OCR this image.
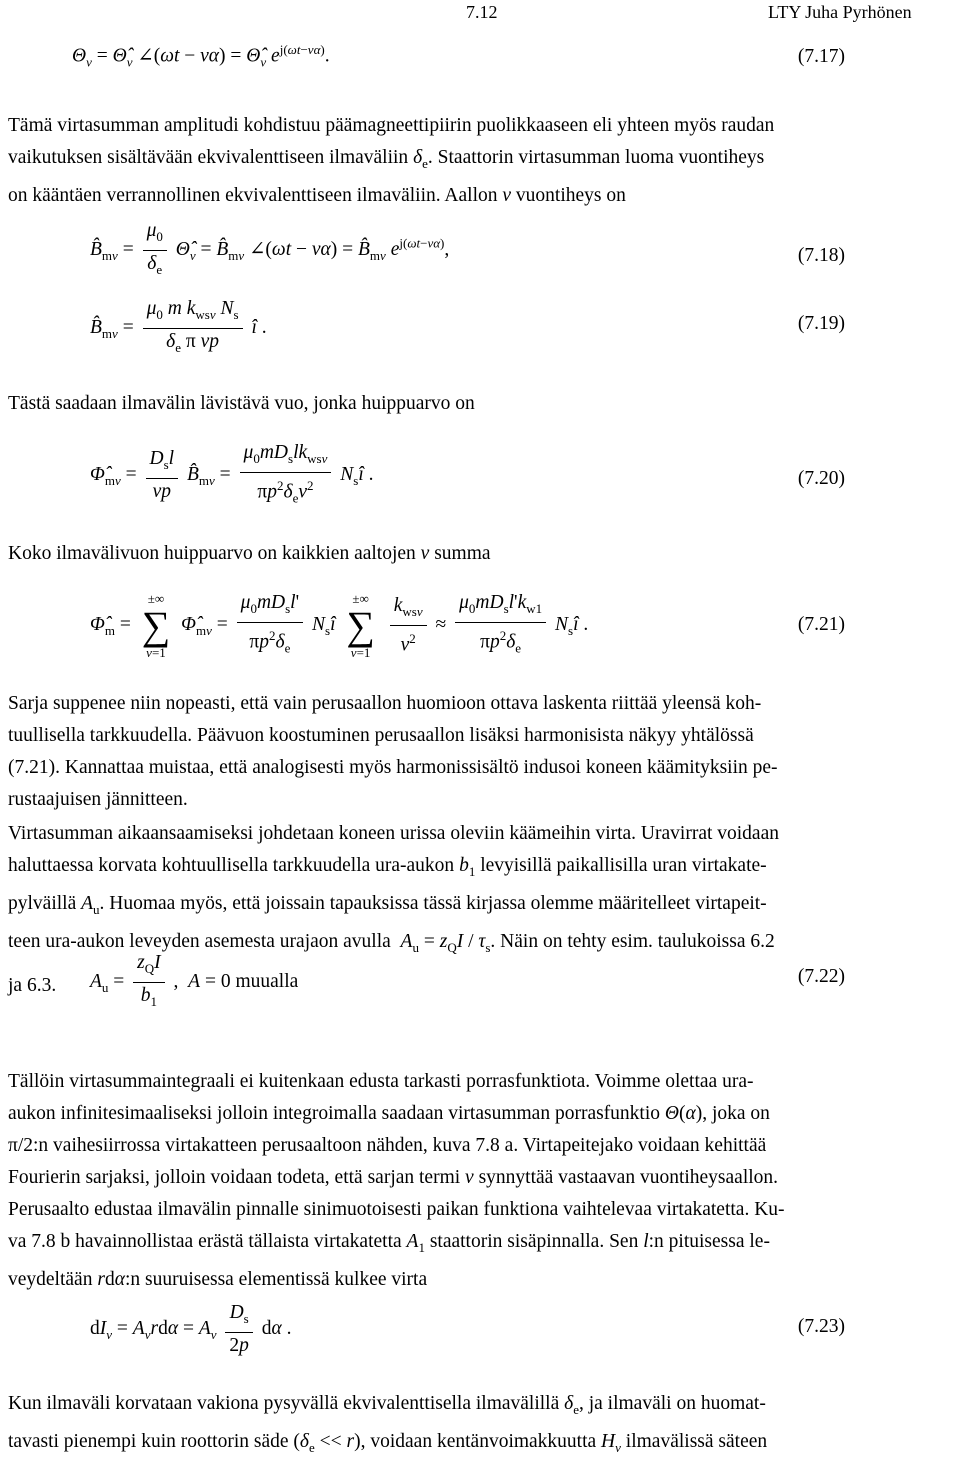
7.12	LTY Juha Pyrhönen
$\Theta_\nu$ = $\Thetâ_\nu$ ∠(ωt − $\nu\alpha) = \Thetâ_\nu$ $e^{j(\omega t-\nu\alpha)}$.	(7.17)
Tämä virtasumman amplitudi kohdistuu päämagneettipiirin puolikkaaseen eli yhteen myös raudan
vaikutuksen sisältävään ekvivalenttiseen ilmaväliin $\delta_e$. Staattorin virtasumman luoma vuontiheys
on kääntäen verrannollinen ekvivalenttiseen ilmaväliin. Aallon ν vuontiheys on
$B̂_{m\nu} = \frac{\mu_0}{\delta_e}$ $\Thetâ_\nu$ = $B̂_{m\nu}$ ∠(ωt − $\nu\alpha) = B̂_{m\nu}$ $e^{j(\omega t-\nu\alpha)}$,	(7.18)
$B̂_{m\nu} = \frac{\mu_0 m k_{ws\nu} N_s}{\delta_e \pi \nu p}$ î .	(7.19)
Tästä saadaan ilmavälin lävistävä vuo, jonka huippuarvo on
$\Phî_{m\nu} = \frac{D_sl}{\nu p}$ $B̂_{m\nu} = \frac{\mu_0mD_slk_{ws\nu}}{\pi p^2\delta_e\nu^2}$ $N_sî$ .	(7.20)
Koko ilmavälivuon huippuarvo on kaikkien aaltojen ν summa
$\Phî_m$ =
±∞
∑
ν=1
$\Phî_{m\nu} = \frac{\mu_0mD_sl'}{\pi p^2\delta_e}$ $N_sî$
±∞
∑
ν=1
$\frac{k_{ws\nu}}{\nu^2} \approx \frac{\mu_0mD_sl'k_{w1}}{\pi p^2\delta_e}$ $N_sî$ .	(7.21)
Sarja suppenee niin nopeasti, että vain perusaallon huomioon ottava laskenta riittää yleensä koh-
tuullisella tarkkuudella. Päävuon koostuminen perusaallon lisäksi harmonisista näkyy yhtälössä
(7.21). Kannattaa muistaa, että analogisesti myös harmonissisältö indusoi koneen käämityksiin pe-
rustaajuisen jännitteen.
Virtasumman aikaansaamiseksi johdetaan koneen urissa oleviin käämeihin virta. Uravirrat voidaan
haluttaessa korvata kohtuullisella tarkkuudella ura-aukon $b_1$ levyisillä paikallisilla uran virtakate-
pylväillä $A_u$. Huomaa myös, että joissain tapauksissa tässä kirjassa olemme määritelleet virtapeit-
teen ura-aukon leveyden asemesta urajaon avulla $A_u = z_QI / \tau_s$. Näin on tehty esim. taulukoissa 6.2
ja 6.3.	$A_u = \frac{z_QI}{b_1}$ ,  A = 0 muualla	(7.22)
Tällöin virtasummaintegraali ei kuitenkaan edusta tarkasti porrasfunktiota. Voimme olettaa ura-
aukon infinitesimaaliseksi jolloin integroimalla saadaan virtasumman porrasfunktio Θ(α), joka on
π/2:n vaihesiirrossa virtakatteen perusaaltoon nähden, kuva 7.8 a. Virtapeitejako voidaan kehittää
Fourierin sarjaksi, jolloin voidaan todeta, että sarjan termi ν synnyttää vastaavan vuontiheysaallon.
Perusaalto edustaa ilmavälin pinnalle sinimuotoisesti paikan funktiona vaihtelevaa virtakatetta. Ku-
va 7.8 b havainnollistaa erästä tällaista virtakatetta $A_1$ staattorin sisäpinnalla. Sen l:n pituisessa le-
veydeltään rdα:n suuruisessa elementissä kulkee virta
$dI_\nu = A_\nu rd\alpha = A_\nu \frac{D_s}{2p}$ dα .	(7.23)
Kun ilmaväli korvataan vakiona pysyvällä ekvivalenttisella ilmavälillä $\delta_e$, ja ilmaväli on huomat-
tavasti pienempi kuin roottorin säde $(\delta_e << r)$, voidaan kentänvoimakkuutta $H_\nu$ ilmavälissä säteen
